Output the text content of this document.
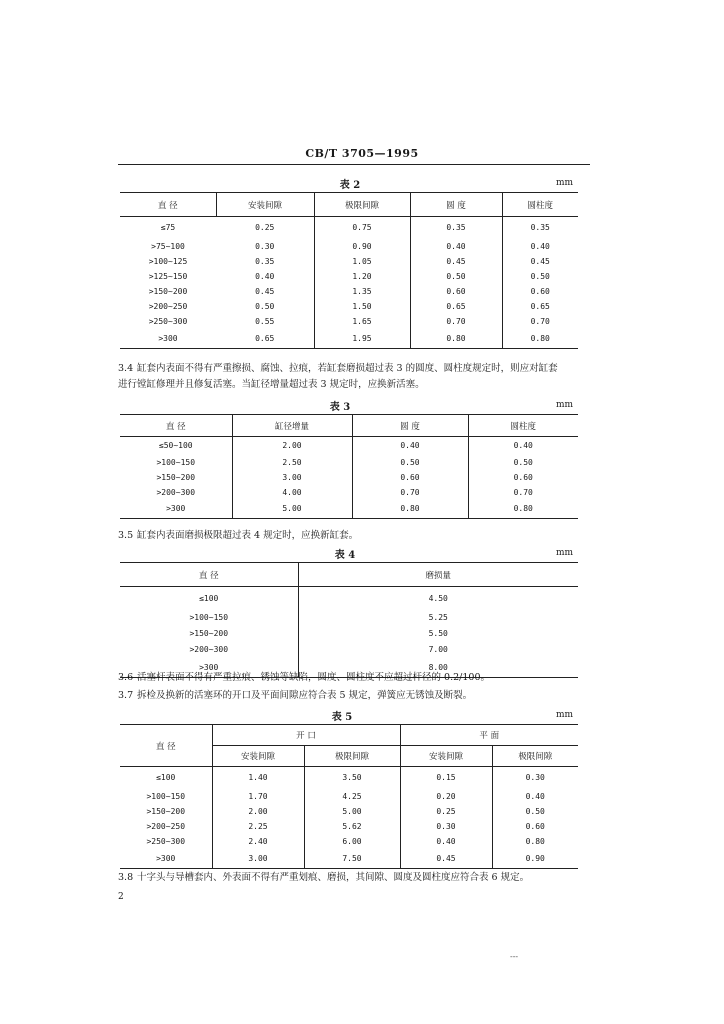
CB/T 3705—1995
表 2	mm
直 径	安装间隙	极限间隙	圆 度	圆柱度
≤75	0.25	0.75	0.35	0.35
>75~100	0.30	0.90	0.40	0.40
>100~125	0.35	1.05	0.45	0.45
>125~150	0.40	1.20	0.50	0.50
>150~200	0.45	1.35	0.60	0.60
>200~250	0.50	1.50	0.65	0.65
>250~300	0.55	1.65	0.70	0.70
>300	0.65	1.95	0.80	0.80
3.4 缸套内表面不得有严重擦损、腐蚀、拉痕，若缸套磨损超过表 3 的圆度、圆柱度规定时，则应对缸套
进行镗缸修理并且修复活塞。当缸径增量超过表 3 规定时，应换新活塞。
表 3	mm
直 径	缸径增量	圆 度	圆柱度
≤50~100	2.00	0.40	0.40
>100~150	2.50	0.50	0.50
>150~200	3.00	0.60	0.60
>200~300	4.00	0.70	0.70
>300	5.00	0.80	0.80
3.5 缸套内表面磨损极限超过表 4 规定时，应换新缸套。
表 4	mm
直 径	磨损量
≤100	4.50
>100~150	5.25
>150~200	5.50
>200~300	7.00
>300	8.00
3.6 活塞杆表面不得有严重拉痕、锈蚀等缺陷，圆度、圆柱度不应超过杆径的 0.2/100。
3.7 拆检及换新的活塞环的开口及平面间隙应符合表 5 规定，弹簧应无锈蚀及断裂。
表 5	mm
直 径	开 口		平 面	
	安装间隙	极限间隙	安装间隙	极限间隙
≤100	1.40	3.50	0.15	0.30
>100~150	1.70	4.25	0.20	0.40
>150~200	2.00	5.00	0.25	0.50
>200~250	2.25	5.62	0.30	0.60
>250~300	2.40	6.00	0.40	0.80
>300	3.00	7.50	0.45	0.90
3.8 十字头与导槽套内、外表面不得有严重划痕、磨损，其间隙、圆度及圆柱度应符合表 6 规定。
2
---
